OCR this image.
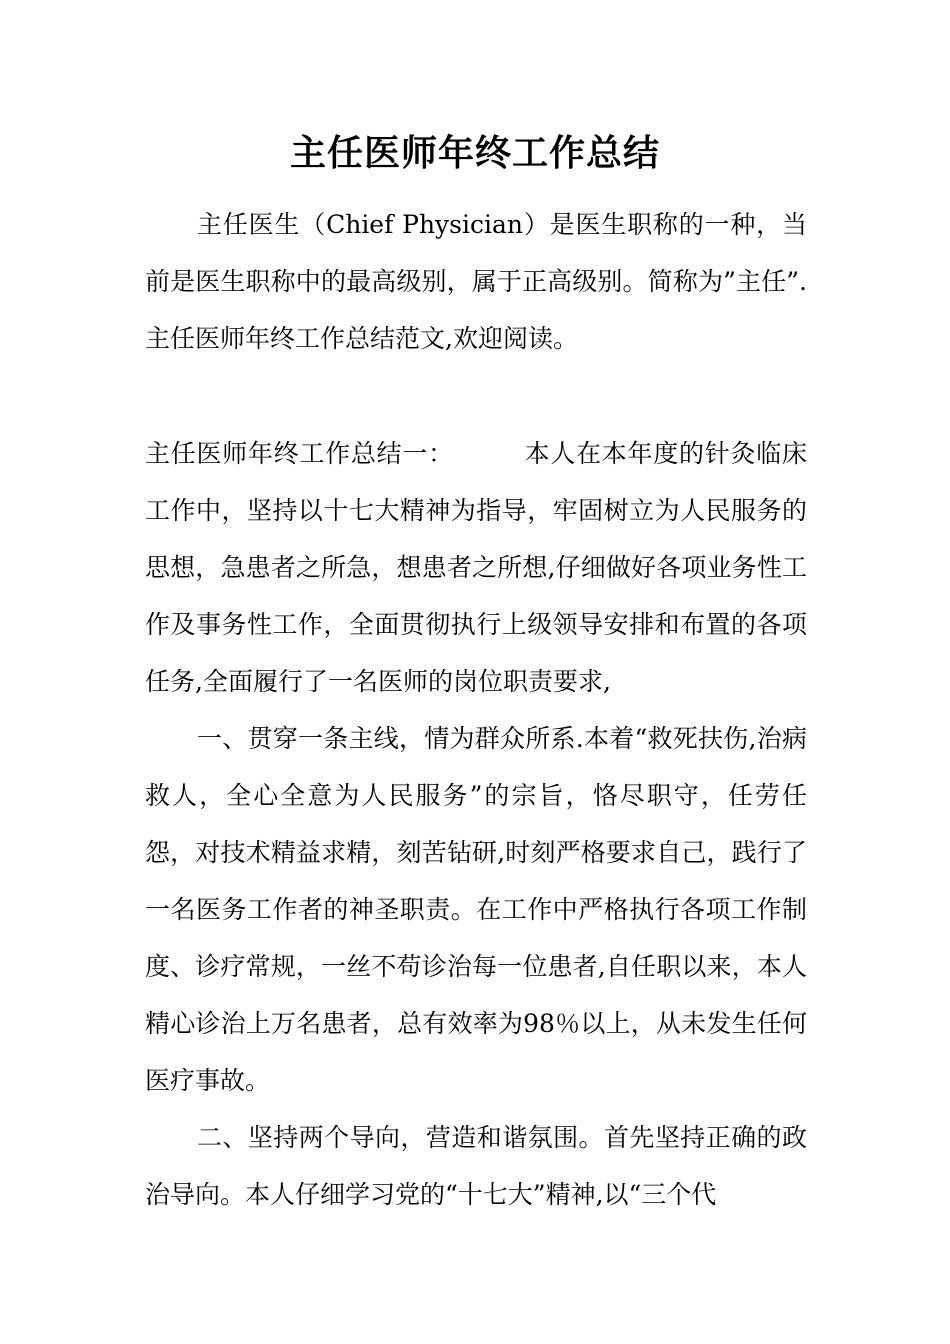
主任医师年终工作总结

主任医生（Chief Physician）是医生职称的一种，当前是医生职称中的最高级别，属于正高级别。简称为”主任”.主任医师年终工作总结范文,欢迎阅读。

主任医师年终工作总结一：	本人在本年度的针灸临床工作中，坚持以十七大精神为指导，牢固树立为人民服务的思想，急患者之所急，想患者之所想,仔细做好各项业务性工作及事务性工作，全面贯彻执行上级领导安排和布置的各项任务,全面履行了一名医师的岗位职责要求,

一、贯穿一条主线，情为群众所系.本着“救死扶伤,治病救人，全心全意为人民服务”的宗旨，恪尽职守，任劳任怨，对技术精益求精，刻苦钻研,时刻严格要求自己，践行了一名医务工作者的神圣职责。在工作中严格执行各项工作制度、诊疗常规，一丝不苟诊治每一位患者,自任职以来，本人精心诊治上万名患者，总有效率为98％以上，从未发生任何医疗事故。

二、坚持两个导向，营造和谐氛围。首先坚持正确的政治导向。本人仔细学习党的“十七大”精神,以“三个代
